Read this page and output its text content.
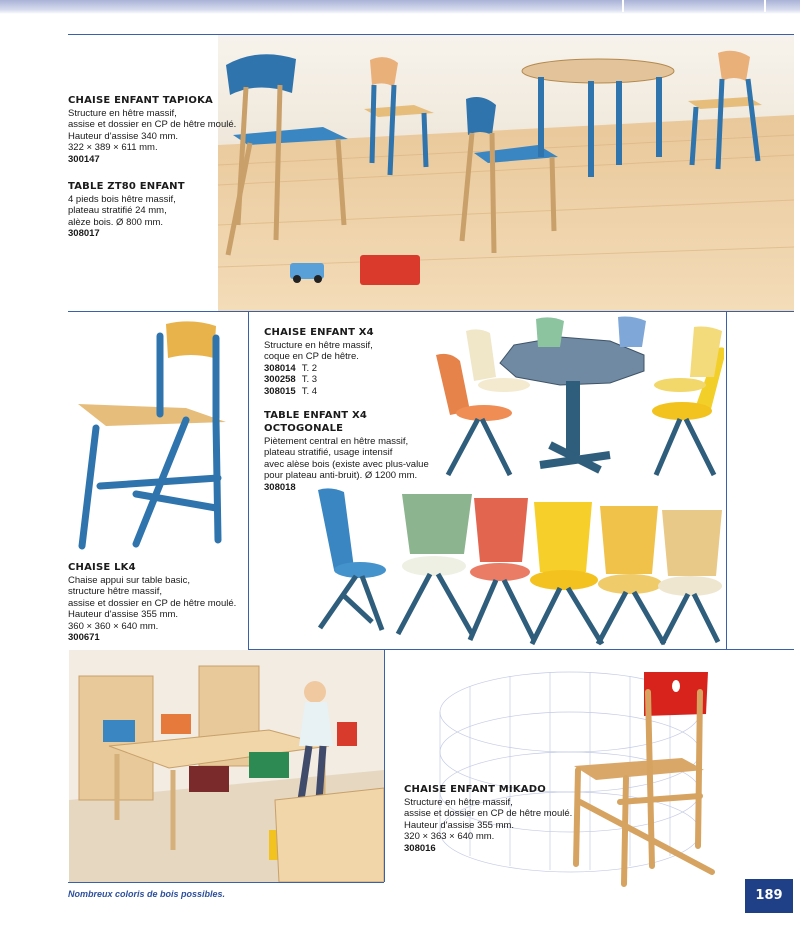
CHAISE ENFANT TAPIOKA

Structure en hêtre massif,

assise et dossier en CP de hêtre moulé.

Hauteur d'assise 340 mm.

322 × 389 × 611 mm.

300147

TABLE ZT80 ENFANT

4 pieds bois hêtre massif,

plateau stratifié 24 mm,

alèze bois. Ø 800 mm.

308017

CHAISE ENFANT X4

Structure en hêtre massif,

coque en CP de hêtre.

308014 T. 2

300258 T. 3

308015 T. 4

TABLE ENFANT X4
OCTOGONALE

Piètement central en hêtre massif,

plateau stratifié, usage intensif

avec alèse bois (existe avec plus-value

pour plateau anti-bruit). Ø 1200 mm.

308018

CHAISE LK4

Chaise appui sur table basic,

structure hêtre massif,

assise et dossier en CP de hêtre moulé.

Hauteur d'assise 355 mm.

360 × 360 × 640 mm.

300671

CHAISE ENFANT MIKADO

Structure en hêtre massif,

assise et dossier en CP de hêtre moulé.

Hauteur d'assise 355 mm.

320 × 363 × 640 mm.

308016

Nombreux coloris de bois possibles.	189
